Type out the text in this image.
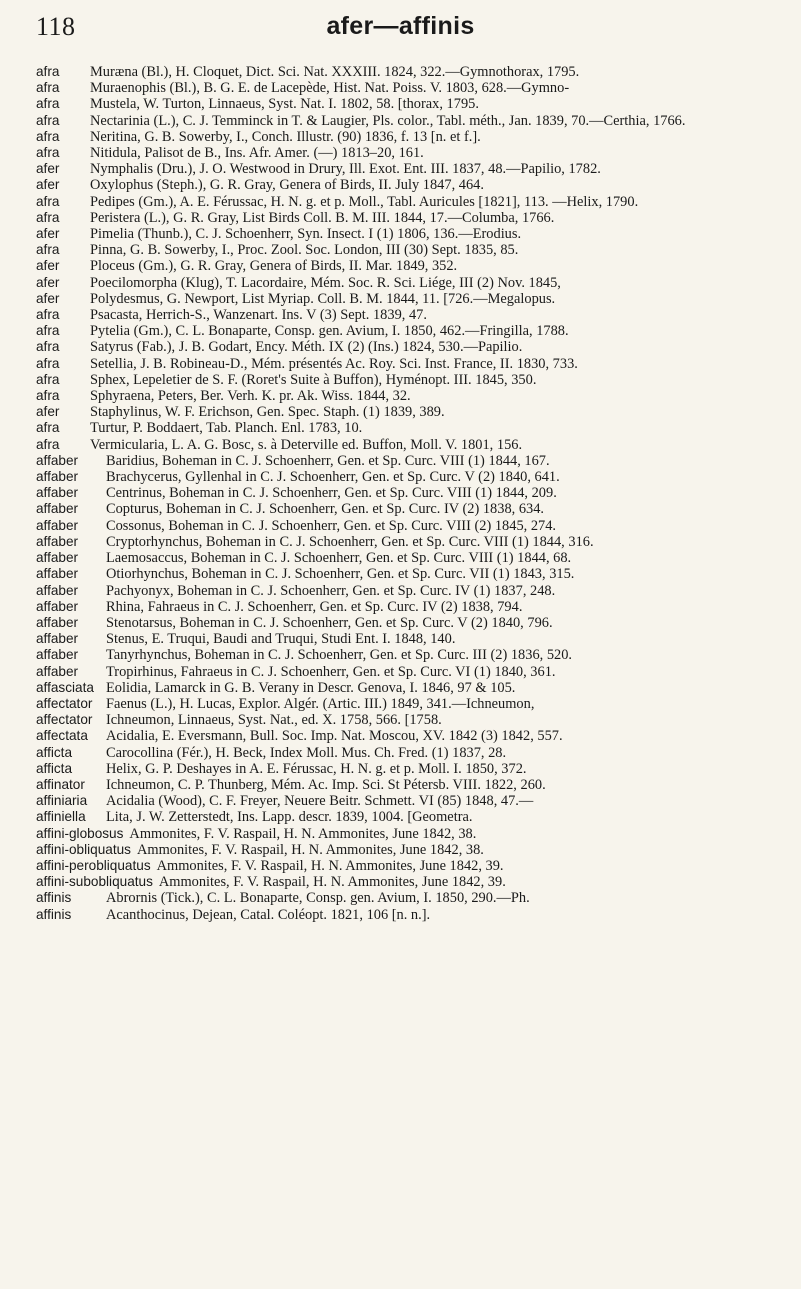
118	afer—affinis

afra Muræna (Bl.), H. Cloquet, Dict. Sci. Nat. XXXIII. 1824, 322.—Gymnothorax, 1795.

afra Muraenophis (Bl.), B. G. E. de Lacepède, Hist. Nat. Poiss. V. 1803, 628.—Gymno-

afra Mustela, W. Turton, Linnaeus, Syst. Nat. I. 1802, 58. [thorax, 1795.

afra Nectarinia (L.), C. J. Temminck in T. & Laugier, Pls. color., Tabl. méth., Jan. 1839, 70.—Certhia, 1766.

afra Neritina, G. B. Sowerby, I., Conch. Illustr. (90) 1836, f. 13 [n. et f.].

afra Nitidula, Palisot de B., Ins. Afr. Amer. (—) 1813–20, 161.

afer Nymphalis (Dru.), J. O. Westwood in Drury, Ill. Exot. Ent. III. 1837, 48.—Papilio, 1782.

afer Oxylophus (Steph.), G. R. Gray, Genera of Birds, II. July 1847, 464.

afra Pedipes (Gm.), A. E. Férussac, H. N. g. et p. Moll., Tabl. Auricules [1821], 113. —Helix, 1790.

afra Peristera (L.), G. R. Gray, List Birds Coll. B. M. III. 1844, 17.—Columba, 1766.

afer Pimelia (Thunb.), C. J. Schoenherr, Syn. Insect. I (1) 1806, 136.—Erodius.

afra Pinna, G. B. Sowerby, I., Proc. Zool. Soc. London, III (30) Sept. 1835, 85.

afer Ploceus (Gm.), G. R. Gray, Genera of Birds, II. Mar. 1849, 352.

afer Poecilomorpha (Klug), T. Lacordaire, Mém. Soc. R. Sci. Liége, III (2) Nov. 1845,

afer Polydesmus, G. Newport, List Myriap. Coll. B. M. 1844, 11. [726.—Megalopus.

afra Psacasta, Herrich-S., Wanzenart. Ins. V (3) Sept. 1839, 47.

afra Pytelia (Gm.), C. L. Bonaparte, Consp. gen. Avium, I. 1850, 462.—Fringilla, 1788.

afra Satyrus (Fab.), J. B. Godart, Ency. Méth. IX (2) (Ins.) 1824, 530.—Papilio.

afra Setellia, J. B. Robineau-D., Mém. présentés Ac. Roy. Sci. Inst. France, II. 1830, 733.

afra Sphex, Lepeletier de S. F. (Roret's Suite à Buffon), Hyménopt. III. 1845, 350.

afra Sphyraena, Peters, Ber. Verh. K. pr. Ak. Wiss. 1844, 32.

afer Staphylinus, W. F. Erichson, Gen. Spec. Staph. (1) 1839, 389.

afra Turtur, P. Boddaert, Tab. Planch. Enl. 1783, 10.

afra Vermicularia, L. A. G. Bosc, s. à Deterville ed. Buffon, Moll. V. 1801, 156.

affaber Baridius, Boheman in C. J. Schoenherr, Gen. et Sp. Curc. VIII (1) 1844, 167.

affaber Brachycerus, Gyllenhal in C. J. Schoenherr, Gen. et Sp. Curc. V (2) 1840, 641.

affaber Centrinus, Boheman in C. J. Schoenherr, Gen. et Sp. Curc. VIII (1) 1844, 209.

affaber Copturus, Boheman in C. J. Schoenherr, Gen. et Sp. Curc. IV (2) 1838, 634.

affaber Cossonus, Boheman in C. J. Schoenherr, Gen. et Sp. Curc. VIII (2) 1845, 274.

affaber Cryptorhynchus, Boheman in C. J. Schoenherr, Gen. et Sp. Curc. VIII (1) 1844, 316.

affaber Laemosaccus, Boheman in C. J. Schoenherr, Gen. et Sp. Curc. VIII (1) 1844, 68.

affaber Otiorhynchus, Boheman in C. J. Schoenherr, Gen. et Sp. Curc. VII (1) 1843, 315.

affaber Pachyonyx, Boheman in C. J. Schoenherr, Gen. et Sp. Curc. IV (1) 1837, 248.

affaber Rhina, Fahraeus in C. J. Schoenherr, Gen. et Sp. Curc. IV (2) 1838, 794.

affaber Stenotarsus, Boheman in C. J. Schoenherr, Gen. et Sp. Curc. V (2) 1840, 796.

affaber Stenus, E. Truqui, Baudi and Truqui, Studi Ent. I. 1848, 140.

affaber Tanyrhynchus, Boheman in C. J. Schoenherr, Gen. et Sp. Curc. III (2) 1836, 520.

affaber Tropirhinus, Fahraeus in C. J. Schoenherr, Gen. et Sp. Curc. VI (1) 1840, 361.

affasciata Eolidia, Lamarck in G. B. Verany in Descr. Genova, I. 1846, 97 & 105.

affectator Faenus (L.), H. Lucas, Explor. Algér. (Artic. III.) 1849, 341.—Ichneumon,

affectator Ichneumon, Linnaeus, Syst. Nat., ed. X. 1758, 566. [1758.

affectata Acidalia, E. Eversmann, Bull. Soc. Imp. Nat. Moscou, XV. 1842 (3) 1842, 557.

afficta Carocollina (Fér.), H. Beck, Index Moll. Mus. Ch. Fred. (1) 1837, 28.

afficta Helix, G. P. Deshayes in A. E. Férussac, H. N. g. et p. Moll. I. 1850, 372.

affinator Ichneumon, C. P. Thunberg, Mém. Ac. Imp. Sci. St Pétersb. VIII. 1822, 260.

affiniaria Acidalia (Wood), C. F. Freyer, Neuere Beitr. Schmett. VI (85) 1848, 47.—

affiniella Lita, J. W. Zetterstedt, Ins. Lapp. descr. 1839, 1004. [Geometra.

affini-globosus Ammonites, F. V. Raspail, H. N. Ammonites, June 1842, 38.

affini-obliquatus Ammonites, F. V. Raspail, H. N. Ammonites, June 1842, 38.

affini-perobliquatus Ammonites, F. V. Raspail, H. N. Ammonites, June 1842, 39.

affini-subobliquatus Ammonites, F. V. Raspail, H. N. Ammonites, June 1842, 39.

affinis Abrornis (Tick.), C. L. Bonaparte, Consp. gen. Avium, I. 1850, 290.—Ph.

affinis Acanthocinus, Dejean, Catal. Coléopt. 1821, 106 [n. n.].
